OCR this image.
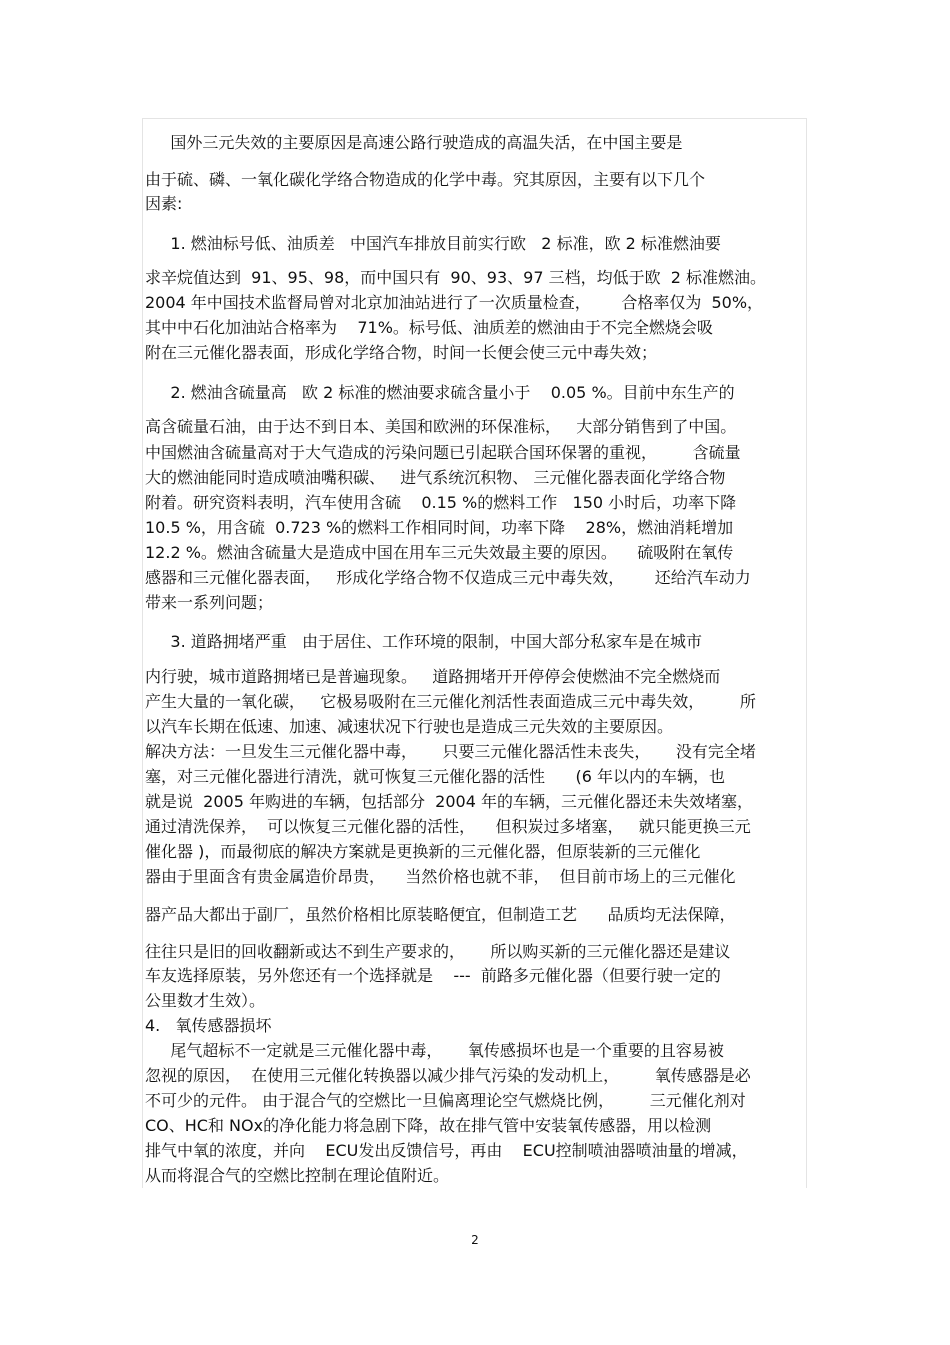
国外三元失效的主要原因是高速公路行驶造成的高温失活，在中国主要是
由于硫、磷、一氧化碳化学络合物造成的化学中毒。究其原因，主要有以下几个
因素:
1. 燃油标号低、油质差   中国汽车排放目前实行欧   2 标准，欧 2 标准燃油要
求辛烷值达到  91、95、98，而中国只有  90、93、97 三档，均低于欧  2 标准燃油。
2004 年中国技术监督局曾对北京加油站进行了一次质量检查，      合格率仅为  50%，
其中中石化加油站合格率为    71%。标号低、油质差的燃油由于不完全燃烧会吸
附在三元催化器表面，形成化学络合物，时间一长便会使三元中毒失效；
2. 燃油含硫量高   欧 2 标准的燃油要求硫含量小于    0.05 %。目前中东生产的
高含硫量石油，由于达不到日本、美国和欧洲的环保准标，   大部分销售到了中国。
中国燃油含硫量高对于大气造成的污染问题已引起联合国环保署的重视，       含硫量
大的燃油能同时造成喷油嘴积碳、   进气系统沉积物、 三元催化器表面化学络合物
附着。研究资料表明，汽车使用含硫    0.15 %的燃料工作   150 小时后，功率下降
10.5 %，用含硫  0.723 %的燃料工作相同时间，功率下降    28%，燃油消耗增加
12.2 %。燃油含硫量大是造成中国在用车三元失效最主要的原因。    硫吸附在氧传
感器和三元催化器表面，   形成化学络合物不仅造成三元中毒失效，      还给汽车动力
带来一系列问题；
3. 道路拥堵严重   由于居住、工作环境的限制，中国大部分私家车是在城市
内行驶，城市道路拥堵已是普遍现象。   道路拥堵开开停停会使燃油不完全燃烧而
产生大量的一氧化碳，   它极易吸附在三元催化剂活性表面造成三元中毒失效，       所
以汽车长期在低速、加速、减速状况下行驶也是造成三元失效的主要原因。
解决方法：一旦发生三元催化器中毒，     只要三元催化器活性未丧失，     没有完全堵
塞，对三元催化器进行清洗，就可恢复三元催化器的活性      (6 年以内的车辆，也
就是说  2005 年购进的车辆，包括部分  2004 年的车辆，三元催化器还未失效堵塞，
通过清洗保养，  可以恢复三元催化器的活性，    但积炭过多堵塞，   就只能更换三元
催化器 )，而最彻底的解决方案就是更换新的三元催化器，但原装新的三元催化
器由于里面含有贵金属造价昂贵，    当然价格也就不菲，  但目前市场上的三元催化
器产品大都出于副厂，虽然价格相比原装略便宜，但制造工艺      品质均无法保障，
往往只是旧的回收翻新或达不到生产要求的，     所以购买新的三元催化器还是建议
车友选择原装，另外您还有一个选择就是    ---  前路多元催化器（但要行驶一定的
公里数才生效）。
4.   氧传感器损坏
尾气超标不一定就是三元催化器中毒，     氧传感损坏也是一个重要的且容易被
忽视的原因，  在使用三元催化转换器以减少排气污染的发动机上，       氧传感器是必
不可少的元件。 由于混合气的空燃比一旦偏离理论空气燃烧比例，       三元催化剂对
CO、HC和 NOx的净化能力将急剧下降，故在排气管中安装氧传感器，用以检测
排气中氧的浓度，并向    ECU发出反馈信号，再由    ECU控制喷油器喷油量的增减，
从而将混合气的空燃比控制在理论值附近。
2
